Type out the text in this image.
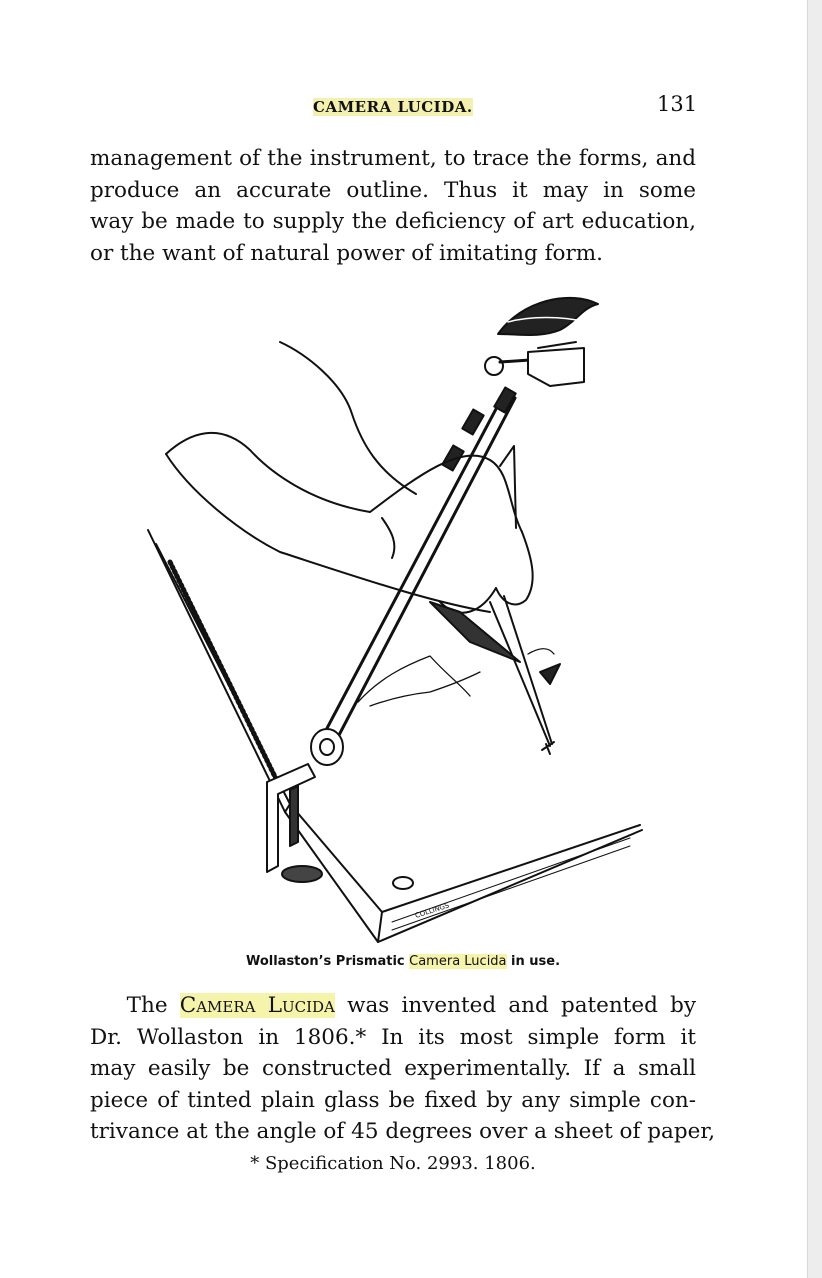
CAMERA LUCIDA.	131
management of the instrument, to trace the forms, and
produce an accurate outline. Thus it may in some
way be made to supply the deficiency of art education,
or the want of natural power of imitating form.
COLLINGS
Wollaston’s Prismatic Camera Lucida in use.
The Camera Lucida was invented and patented by
Dr. Wollaston in 1806.* In its most simple form it
may easily be constructed experimentally. If a small
piece of tinted plain glass be fixed by any simple con-
trivance at the angle of 45 degrees over a sheet of paper,
* Specification No. 2993. 1806.
